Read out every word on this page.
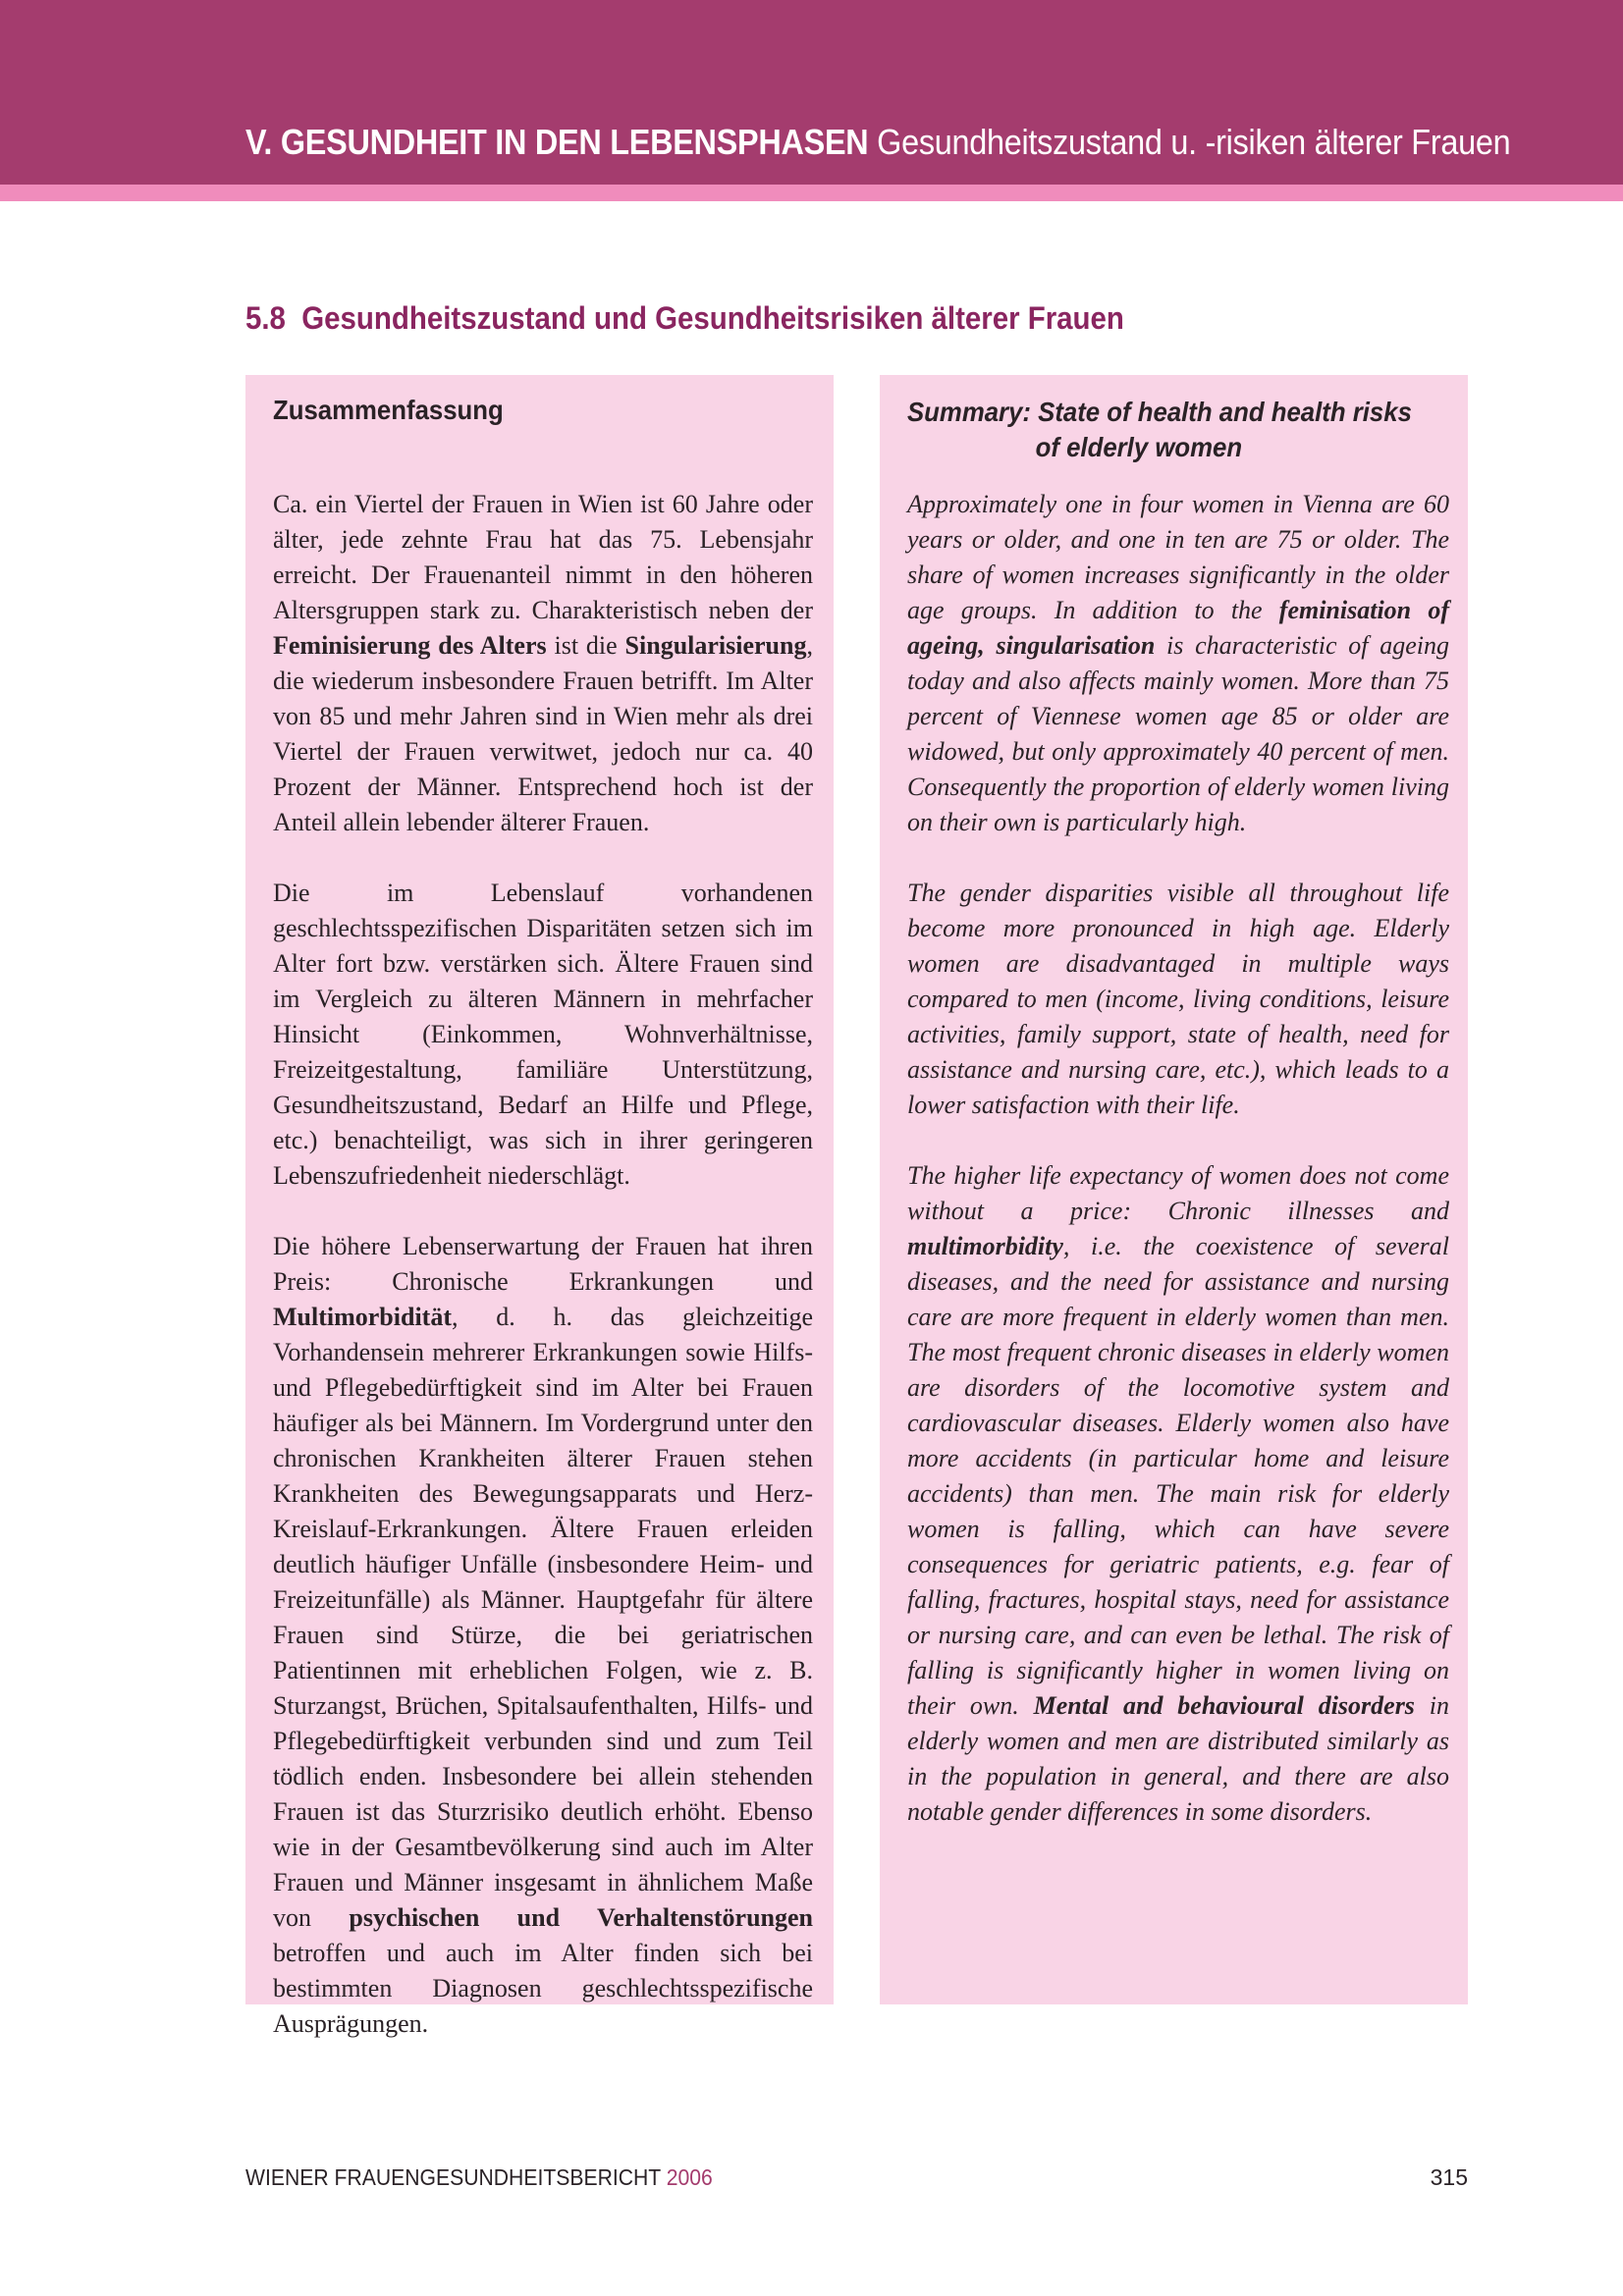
V. GESUNDHEIT IN DEN LEBENSPHASEN Gesundheitszustand u. -risiken älterer Frauen
5.8 Gesundheitszustand und Gesundheitsrisiken älterer Frauen
Zusammenfassung

Ca. ein Viertel der Frauen in Wien ist 60 Jahre oder älter, jede zehnte Frau hat das 75. Lebensjahr erreicht. Der Frauenanteil nimmt in den höheren Altersgruppen stark zu. Charakteristisch neben der Feminisierung des Alters ist die Singularisierung, die wiederum insbesondere Frauen betrifft. Im Alter von 85 und mehr Jahren sind in Wien mehr als drei Viertel der Frauen verwitwet, jedoch nur ca. 40 Prozent der Männer. Entsprechend hoch ist der Anteil allein lebender älterer Frauen.

Die im Lebenslauf vorhandenen geschlechtsspezifischen Disparitäten setzen sich im Alter fort bzw. verstärken sich. Ältere Frauen sind im Vergleich zu älteren Männern in mehrfacher Hinsicht (Einkommen, Wohnverhältnisse, Freizeitgestaltung, familiäre Unterstützung, Gesundheitszustand, Bedarf an Hilfe und Pflege, etc.) benachteiligt, was sich in ihrer geringeren Lebenszufriedenheit niederschlägt.

Die höhere Lebenserwartung der Frauen hat ihren Preis: Chronische Erkrankungen und Multimorbidität, d. h. das gleichzeitige Vorhandensein mehrerer Erkrankungen sowie Hilfs- und Pflegebedürftigkeit sind im Alter bei Frauen häufiger als bei Männern. Im Vordergrund unter den chronischen Krankheiten älterer Frauen stehen Krankheiten des Bewegungsapparats und Herz-Kreislauf-Erkrankungen. Ältere Frauen erleiden deutlich häufiger Unfälle (insbesondere Heim- und Freizeitunfälle) als Männer. Hauptgefahr für ältere Frauen sind Stürze, die bei geriatrischen Patientinnen mit erheblichen Folgen, wie z. B. Sturzangst, Brüchen, Spitalsaufenthalten, Hilfs- und Pflegebedürftigkeit verbunden sind und zum Teil tödlich enden. Insbesondere bei allein stehenden Frauen ist das Sturzrisiko deutlich erhöht. Ebenso wie in der Gesamtbevölkerung sind auch im Alter Frauen und Männer insgesamt in ähnlichem Maße von psychischen und Verhaltenstörungen betroffen und auch im Alter finden sich bei bestimmten Diagnosen geschlechtsspezifische Ausprägungen.

Summary: State of health and health risks
of elderly women

Approximately one in four women in Vienna are 60 years or older, and one in ten are 75 or older. The share of women increases significantly in the older age groups. In addition to the feminisation of ageing, singularisation is characteristic of ageing today and also affects mainly women. More than 75 percent of Viennese women age 85 or older are widowed, but only approximately 40 percent of men. Consequently the proportion of elderly women living on their own is particularly high.

The gender disparities visible all throughout life become more pronounced in high age. Elderly women are disadvantaged in multiple ways compared to men (income, living conditions, leisure activities, family support, state of health, need for assistance and nursing care, etc.), which leads to a lower satisfaction with their life.

The higher life expectancy of women does not come without a price: Chronic illnesses and multimorbidity, i.e. the coexistence of several diseases, and the need for assistance and nursing care are more frequent in elderly women than men. The most frequent chronic diseases in elderly women are disorders of the locomotive system and cardiovascular diseases. Elderly women also have more accidents (in particular home and leisure accidents) than men. The main risk for elderly women is falling, which can have severe consequences for geriatric patients, e.g. fear of falling, fractures, hospital stays, need for assistance or nursing care, and can even be lethal. The risk of falling is significantly higher in women living on their own. Mental and behavioural disorders in elderly women and men are distributed similarly as in the population in general, and there are also notable gender differences in some disorders.

WIENER FRAUENGESUNDHEITSBERICHT 2006	315
